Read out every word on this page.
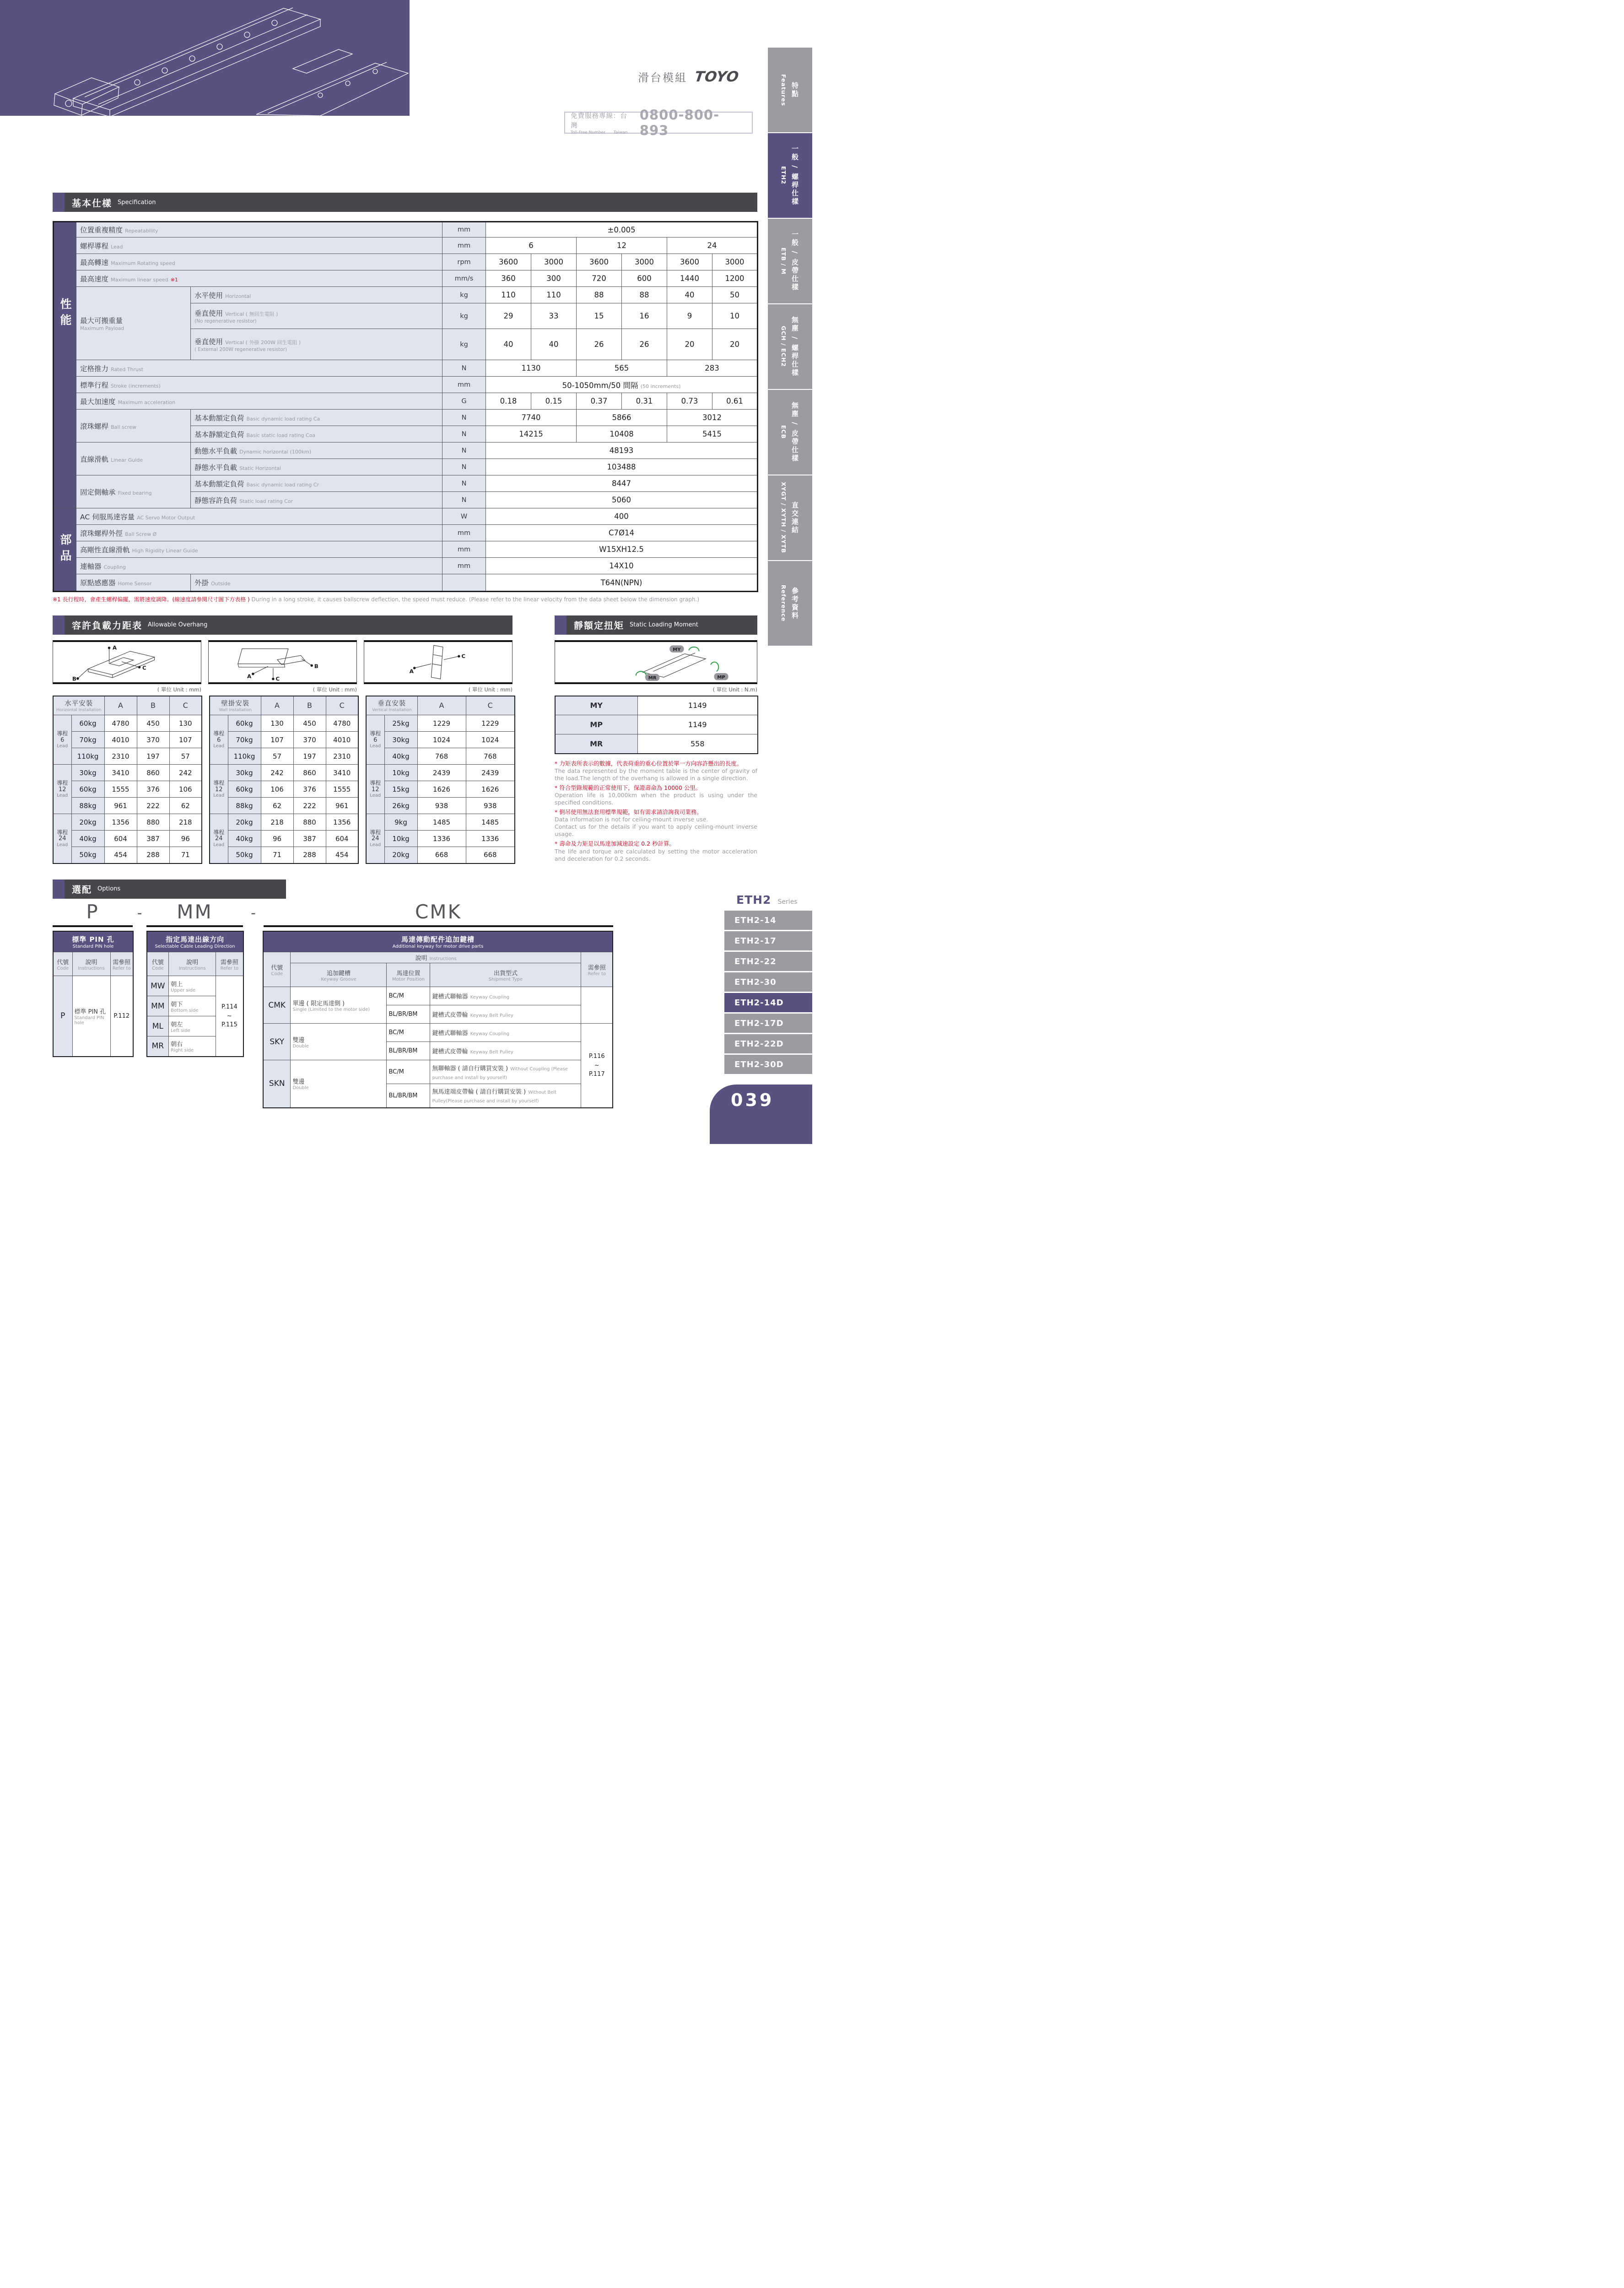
滑台模組 TOYO
免費服務專線：台灣
Toll-Free Number Taiwan
0800-800-893
Features 特點
ETH2 一般 / 螺桿仕樣
ETB / M 一般 / 皮帶仕樣
GCH / ECH2 無塵 / 螺桿仕樣
ECB 無塵 / 皮帶仕樣
XYGT / XYTH / XYTB 直交連結
Reference 參考資料
基本仕樣 Specification
性能	位置重複精度 Repeatability		mm	±0.005					
	螺桿導程 Lead		mm	6		12		24	
	最高轉速 Maximum Rotating speed		rpm	3600	3000	3600	3000	3600	3000
	最高速度 Maximum linear speed ※1		mm/s	360	300	720	600	1440	1200
	最大可搬重量
Maximum Payload	水平使用 Horizontal	kg	110	110	88	88	40	50
		垂直使用 Vertical ( 無回生電阻 )
(No regenerative resistor)	kg	29	33	15	16	9	10
		垂直使用 Vertical ( 外掛 200W 回生電阻 )
( External 200W regenerative resistor)	kg	40	40	26	26	20	20
	定格推力 Rated Thrust		N	1130		565		283	
	標準行程 Stroke (increments)		mm	50-1050mm/50 間隔 (50 increments)					
	最大加速度 Maximum acceleration		G	0.18	0.15	0.37	0.31	0.73	0.61
	滾珠螺桿 Ball screw	基本動額定負荷 Basic dynamic load rating Ca	N	7740		5866		3012	
		基本靜額定負荷 Basic static load rating Coa	N	14215		10408		5415	
	直線滑軌 Linear Guide	動態水平負載 Dynamic horizontal (100km)	N	48193					
		靜態水平負載 Static Horizontal	N	103488					
	固定側軸承 Fixed bearing	基本動額定負荷 Basic dynamic load rating Cr	N	8447					
		靜態容許負荷 Static load rating Cor	N	5060					
部品	AC 伺服馬達容量 AC Servo Motor Output		W	400					
	滾珠螺桿外徑 Ball Screw Ø		mm	C7Ø14					
	高剛性直線滑軌 High Rigidity Linear Guide		mm	W15XH12.5					
	連軸器 Coupling		mm	14X10					
	原點感應器 Home Sensor	外掛 Outside		T64N(NPN)					
※1 長行程時，會產生螺桿偏擺，需將速度調降。(線速度請參閱尺寸圖下方表格 ) During in a long stroke, it causes ballscrew deflection, the speed must reduce. (Please refer to the linear velocity from the data sheet below the dimension graph.)
容許負載力距表 Allowable Overhang
A
B
C
A
B
C
A
C
( 單位 Unit : mm)	( 單位 Unit : mm)	( 單位 Unit : mm)
水平安裝
Horizontal Installation		A	B	C

導程
6
Lead	60kg	4780	450	130
	70kg	4010	370	107
	110kg	2310	197	57

導程
12
Lead	30kg	3410	860	242
	60kg	1555	376	106
	88kg	961	222	62

導程
24
Lead	20kg	1356	880	218
	40kg	604	387	96
	50kg	454	288	71
壁掛安裝
Wall Installation		A	B	C

導程
6
Lead	60kg	130	450	4780
	70kg	107	370	4010
	110kg	57	197	2310

導程
12
Lead	30kg	242	860	3410
	60kg	106	376	1555
	88kg	62	222	961

導程
24
Lead	20kg	218	880	1356
	40kg	96	387	604
	50kg	71	288	454
垂直安裝
Vertical Installation		A	C

導程
6
Lead	25kg	1229	1229
	30kg	1024	1024
	40kg	768	768

導程
12
Lead	10kg	2439	2439
	15kg	1626	1626
	26kg	938	938

導程
24
Lead	9kg	1485	1485
	10kg	1336	1336
	20kg	668	668
靜額定扭矩 Static Loading Moment
MY
MP
MR
( 單位 Unit : N.m)
MY	1149
MP	1149
MR	558
* 力矩表所表示的數據，代表荷重的重心位置於單一方向容許懸出的長度。
The data represented by the moment table is the center of gravity of the load.The length of the overhang is allowed in a single direction.
* 符合型錄規範的正常使用下，保證壽命為 10000 公里。
Operation life is 10,000km when the product is using under the specified conditions.
* 倒吊使用無法套用標準規範，如有需求請洽詢我司業務。
Data information is not for ceiling-mount inverse use.
Contact us for the details if you want to apply ceiling-mount inverse usage.
* 壽命及力矩是以馬達加減速設定 0.2 秒計算。
The life and torque are calculated by setting the motor acceleration and deceleration for 0.2 seconds.
選配 Options
P	-	MM	-	CMK
標準 PIN 孔
Standard PIN hole		

代號
Code	說明
Instructions	需參照
Refer to

P	標準 PIN 孔
Standard PIN hole	P.112
指定馬達出線方向
Selectable Cable Leading Direction		

代號
Code	說明
Instructions	需參照
Refer to

MW	朝上
Upper side	P.114
~
P.115
MM	朝下
Bottom side	

ML	朝左
Left side	

MR	朝右
Right side	
馬達傳動配件追加鍵槽
Additional keyway for motor drive parts				

代號
Code	說明 Instructions			需參照
Refer to

	追加鍵槽
Keyway Groove	馬達位置
Motor Position	出貨型式
Shipment Type	

CMK	單邊 ( 限定馬達側 )
Single (Limited to the motor side)	BC/M	鍵槽式聯軸器 Keyway Coupling	
		BL/BR/BM	鍵槽式皮帶輪 Keyway Belt Pulley	
SKY	雙邊
Double	BC/M	鍵槽式聯軸器 Keyway Coupling	P.116
~
P.117
		BL/BR/BM	鍵槽式皮帶輪 Keyway Belt Pulley	
SKN	雙邊
Double	BC/M	無聯軸器 ( 請自行購買安裝 ) Without Coupling (Please purchase and install by yourself)	
		BL/BR/BM	無馬達端皮帶輪 ( 請自行購買安裝 ) Without Belt Pulley(Please purchase and install by yourself)	
ETH2 Series
ETH2-14
ETH2-17
ETH2-22
ETH2-30
ETH2-14D
ETH2-17D
ETH2-22D
ETH2-30D
039
